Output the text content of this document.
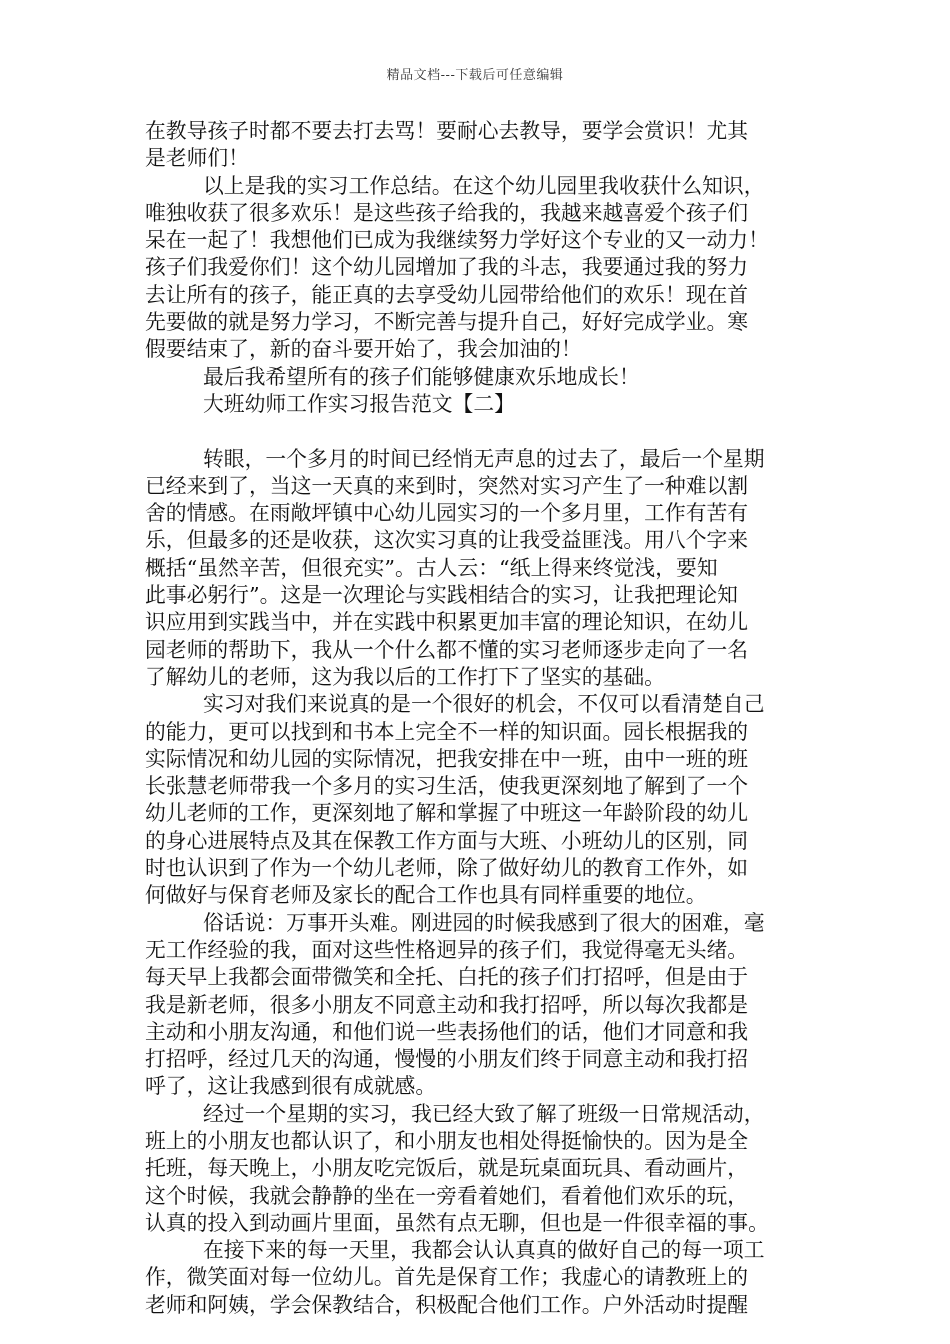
精品文档---下载后可任意编辑
在教导孩子时都不要去打去骂！要耐心去教导，要学会赏识！尤其
是老师们！
以上是我的实习工作总结。在这个幼儿园里我收获什么知识，
唯独收获了很多欢乐！是这些孩子给我的，我越来越喜爱个孩子们
呆在一起了！我想他们已成为我继续努力学好这个专业的又一动力！
孩子们我爱你们！这个幼儿园增加了我的斗志，我要通过我的努力
去让所有的孩子，能正真的去享受幼儿园带给他们的欢乐！现在首
先要做的就是努力学习，不断完善与提升自己，好好完成学业。寒
假要结束了，新的奋斗要开始了，我会加油的！
最后我希望所有的孩子们能够健康欢乐地成长！
大班幼师工作实习报告范文【二】
转眼，一个多月的时间已经悄无声息的过去了，最后一个星期
已经来到了，当这一天真的来到时，突然对实习产生了一种难以割
舍的情感。在雨敞坪镇中心幼儿园实习的一个多月里，工作有苦有
乐，但最多的还是收获，这次实习真的让我受益匪浅。用八个字来
概括“虽然辛苦，但很充实”。古人云：“纸上得来终觉浅，要知
此事必躬行”。这是一次理论与实践相结合的实习，让我把理论知
识应用到实践当中，并在实践中积累更加丰富的理论知识，在幼儿
园老师的帮助下，我从一个什么都不懂的实习老师逐步走向了一名
了解幼儿的老师，这为我以后的工作打下了坚实的基础。
实习对我们来说真的是一个很好的机会，不仅可以看清楚自己
的能力，更可以找到和书本上完全不一样的知识面。园长根据我的
实际情况和幼儿园的实际情况，把我安排在中一班，由中一班的班
长张慧老师带我一个多月的实习生活，使我更深刻地了解到了一个
幼儿老师的工作，更深刻地了解和掌握了中班这一年龄阶段的幼儿
的身心进展特点及其在保教工作方面与大班、小班幼儿的区别，同
时也认识到了作为一个幼儿老师，除了做好幼儿的教育工作外，如
何做好与保育老师及家长的配合工作也具有同样重要的地位。
俗话说：万事开头难。刚进园的时候我感到了很大的困难，毫
无工作经验的我，面对这些性格迥异的孩子们，我觉得毫无头绪。
每天早上我都会面带微笑和全托、白托的孩子们打招呼，但是由于
我是新老师，很多小朋友不同意主动和我打招呼，所以每次我都是
主动和小朋友沟通，和他们说一些表扬他们的话，他们才同意和我
打招呼，经过几天的沟通，慢慢的小朋友们终于同意主动和我打招
呼了，这让我感到很有成就感。
经过一个星期的实习，我已经大致了解了班级一日常规活动，
班上的小朋友也都认识了，和小朋友也相处得挺愉快的。因为是全
托班，每天晚上，小朋友吃完饭后，就是玩桌面玩具、看动画片，
这个时候，我就会静静的坐在一旁看着她们，看着他们欢乐的玩，
认真的投入到动画片里面，虽然有点无聊，但也是一件很幸福的事。
在接下来的每一天里，我都会认认真真的做好自己的每一项工
作，微笑面对每一位幼儿。首先是保育工作；我虚心的请教班上的
老师和阿姨，学会保教结合，积极配合他们工作。户外活动时提醒
